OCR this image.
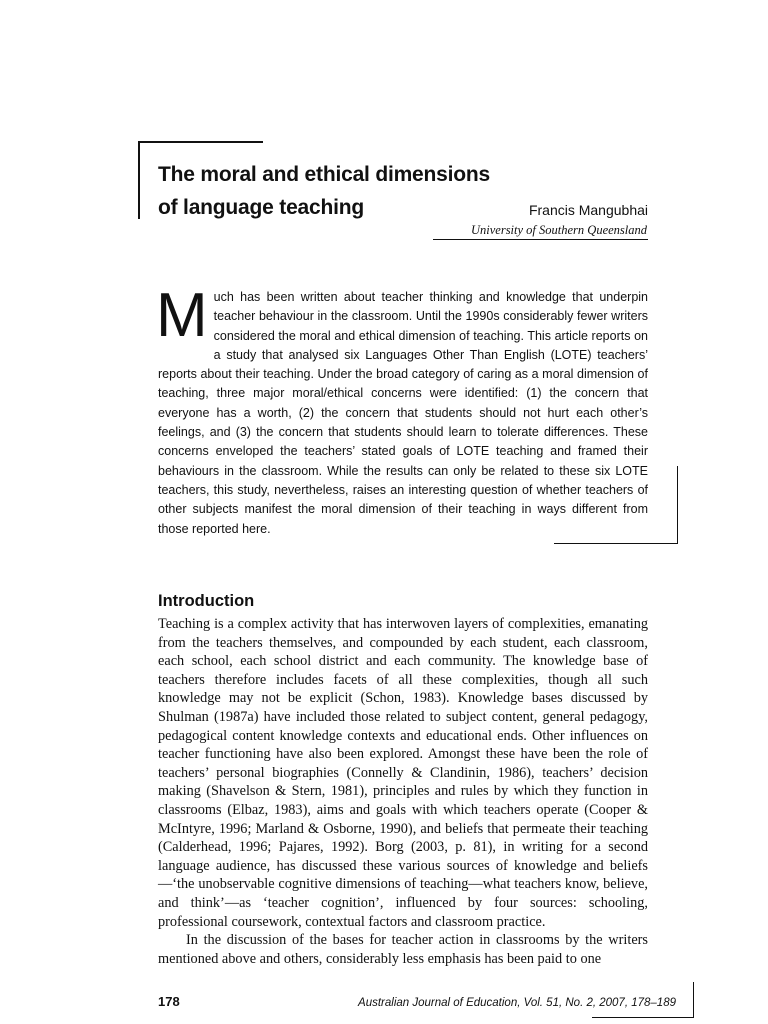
The moral and ethical dimensions
of language teaching	Francis Mangubhai
University of Southern Queensland
M uch has been written about teacher thinking and knowledge that underpin teacher behaviour in the classroom. Until the 1990s considerably fewer writers considered the moral and ethical dimension of teaching. This article reports on a study that analysed six Languages Other Than English (LOTE) teachers’ reports about their teaching. Under the broad category of caring as a moral dimension of teaching, three major moral/ethical concerns were identified: (1) the concern that everyone has a worth, (2) the concern that students should not hurt each other’s feelings, and (3) the concern that students should learn to tolerate differences. These concerns enveloped the teachers’ stated goals of LOTE teaching and framed their behaviours in the classroom. While the results can only be related to these six LOTE teachers, this study, nevertheless, raises an interesting question of whether teachers of other subjects manifest the moral dimension of their teaching in ways different from those reported here.
Introduction

Teaching is a complex activity that has interwoven layers of complexities, emanating from the teachers themselves, and compounded by each student, each classroom, each school, each school district and each community. The knowledge base of teachers therefore includes facets of all these complexities, though all such knowledge may not be explicit (Schon, 1983). Knowledge bases discussed by Shulman (1987a) have included those related to subject content, general pedagogy, pedagogical content knowledge contexts and educational ends. Other influences on teacher functioning have also been explored. Amongst these have been the role of teachers’ personal biographies (Connelly & Clandinin, 1986), teachers’ decision making (Shavelson & Stern, 1981), principles and rules by which they function in classrooms (Elbaz, 1983), aims and goals with which teachers operate (Cooper & McIntyre, 1996; Marland & Osborne, 1990), and beliefs that permeate their teaching (Calderhead, 1996; Pajares, 1992). Borg (2003, p. 81), in writing for a second language audience, has discussed these various sources of knowledge and beliefs—‘the unobservable cognitive dimensions of teaching—what teachers know, believe, and think’—as ‘teacher cognition’, influenced by four sources: schooling, professional coursework, contextual factors and classroom practice.

In the discussion of the bases for teacher action in classrooms by the writers mentioned above and others, considerably less emphasis has been paid to one

178	Australian Journal of Education, Vol. 51, No. 2, 2007, 178–189
